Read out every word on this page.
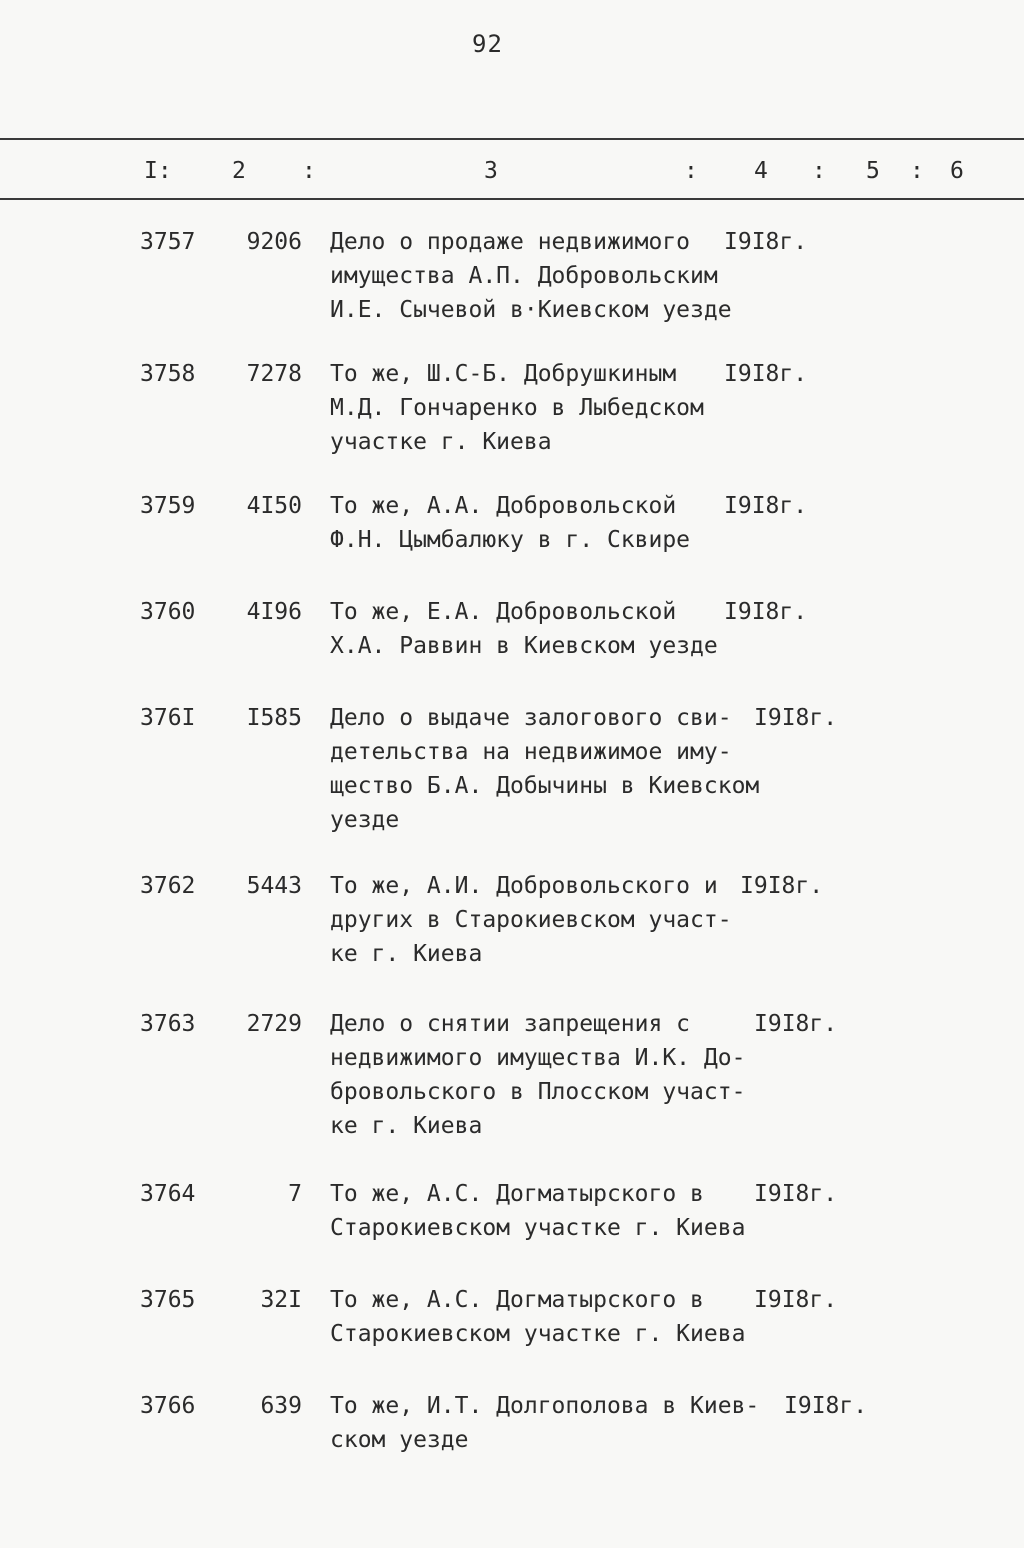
92
I:	2 :	3	: 4 : 5 : 6
3757	9206 Дело о продаже недвижимого
имущества А.П. Добровольским
И.Е. Сычевой в·Киевском уезде
I9I8г.
3758	7278 То же, Ш.С-Б. Добрушкиным
М.Д. Гончаренко в Лыбедском
участке г. Киева
I9I8г.
3759	4I50 То же, А.А. Добровольской
Ф.Н. Цымбалюку в г. Сквире
I9I8г.
3760	4I96 То же, Е.А. Добровольской
Х.А. Раввин в Киевском уезде
I9I8г.
376I	I585 Дело о выдаче залогового сви-
детельства на недвижимое иму-
щество Б.А. Добычины в Киевском
уезде
I9I8г.
3762	5443 То же, А.И. Добровольского и
других в Старокиевском участ-
ке г. Киева
I9I8г.
3763	2729 Дело о снятии запрещения с
недвижимого имущества И.К. До-
бровольского в Плосском участ-
ке г. Киева
I9I8г.
3764	7 То же, А.С. Догматырского в
Старокиевском участке г. Киева
I9I8г.
3765	32I То же, А.С. Догматырского в
Старокиевском участке г. Киева
I9I8г.
3766	639 То же, И.Т. Долгополова в Киев-
ском уезде
I9I8г.
